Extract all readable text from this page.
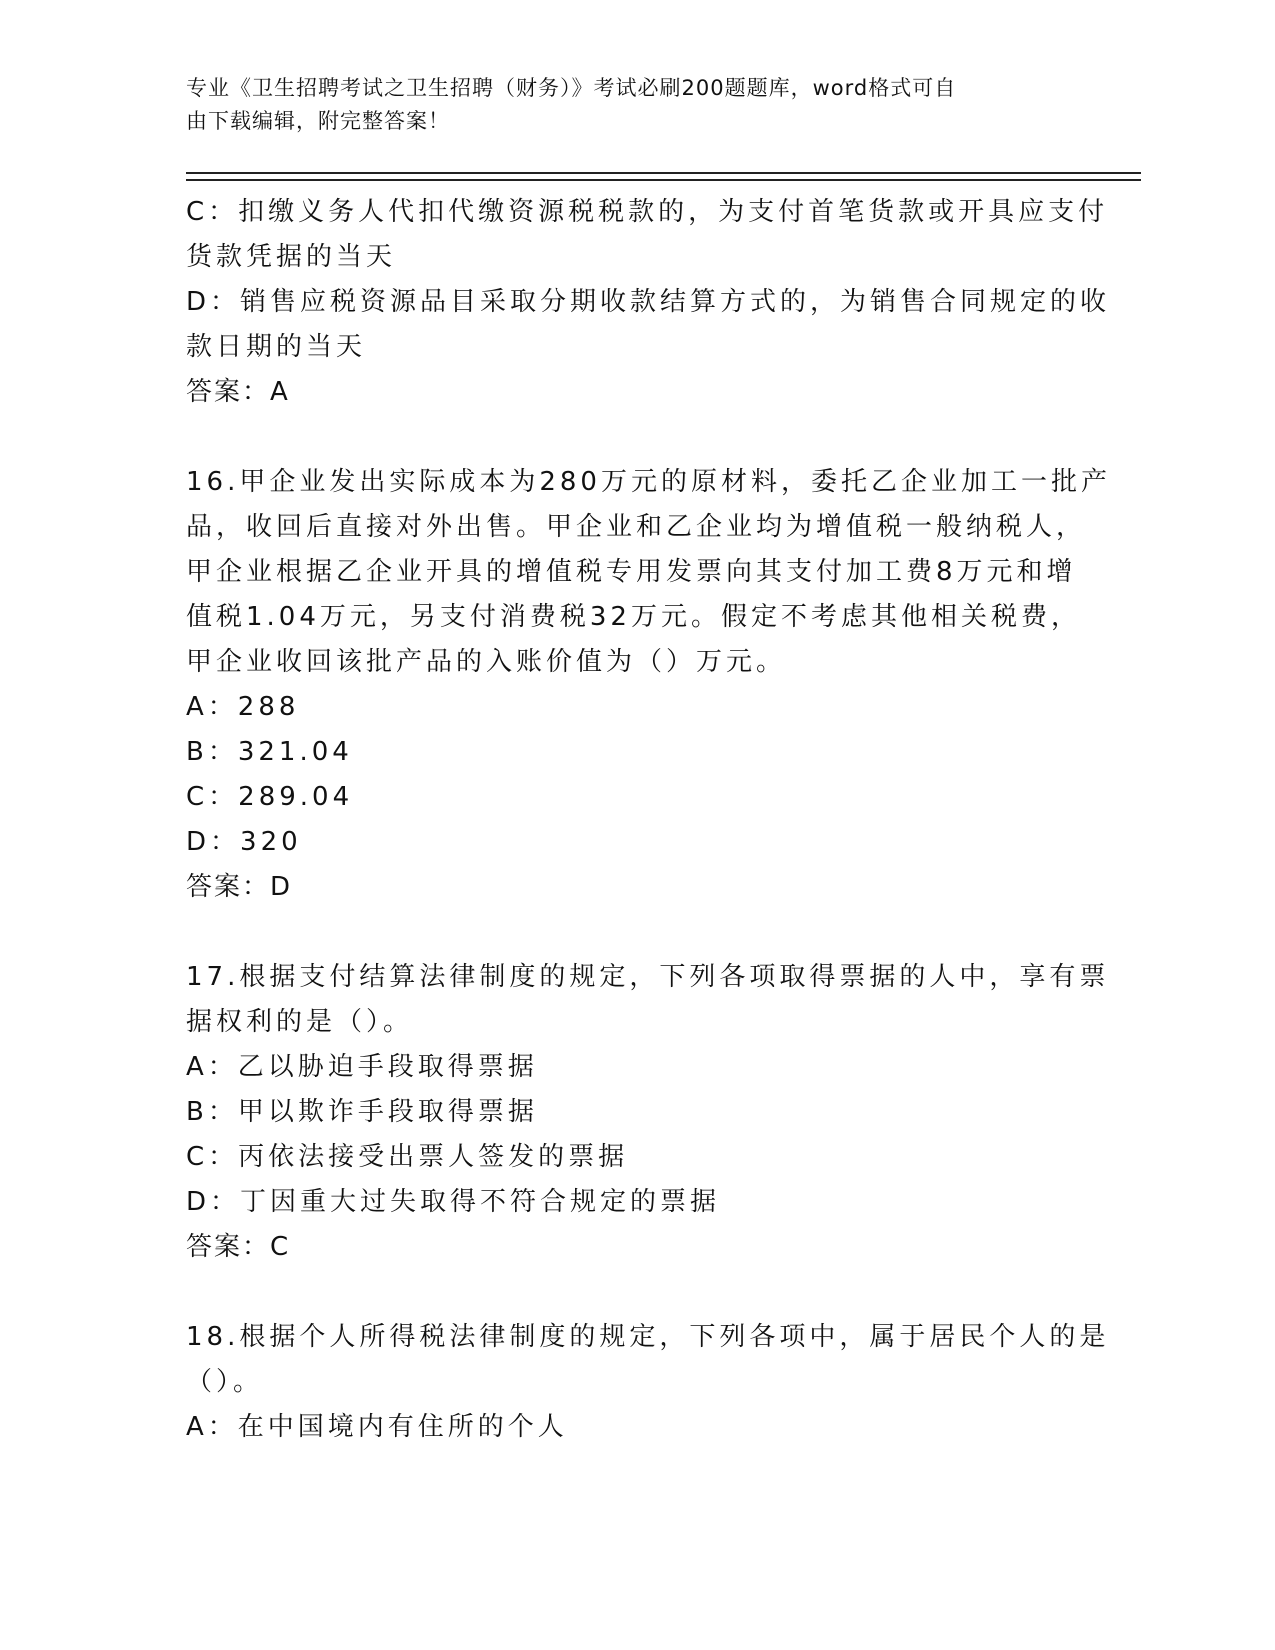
专业《卫生招聘考试之卫生招聘（财务）》考试必刷200题题库，word格式可自
由下载编辑，附完整答案！
C：扣缴义务人代扣代缴资源税税款的，为支付首笔货款或开具应支付
货款凭据的当天
D：销售应税资源品目采取分期收款结算方式的，为销售合同规定的收
款日期的当天
答案：A
16.甲企业发出实际成本为280万元的原材料，委托乙企业加工一批产
品，收回后直接对外出售。甲企业和乙企业均为增值税一般纳税人，
甲企业根据乙企业开具的增值税专用发票向其支付加工费8万元和增
值税1.04万元，另支付消费税32万元。假定不考虑其他相关税费，
甲企业收回该批产品的入账价值为（）万元。
A：288
B：321.04
C：289.04
D：320
答案：D
17.根据支付结算法律制度的规定，下列各项取得票据的人中，享有票
据权利的是（）。
A：乙以胁迫手段取得票据
B：甲以欺诈手段取得票据
C：丙依法接受出票人签发的票据
D：丁因重大过失取得不符合规定的票据
答案：C
18.根据个人所得税法律制度的规定，下列各项中，属于居民个人的是
（）。
A：在中国境内有住所的个人
